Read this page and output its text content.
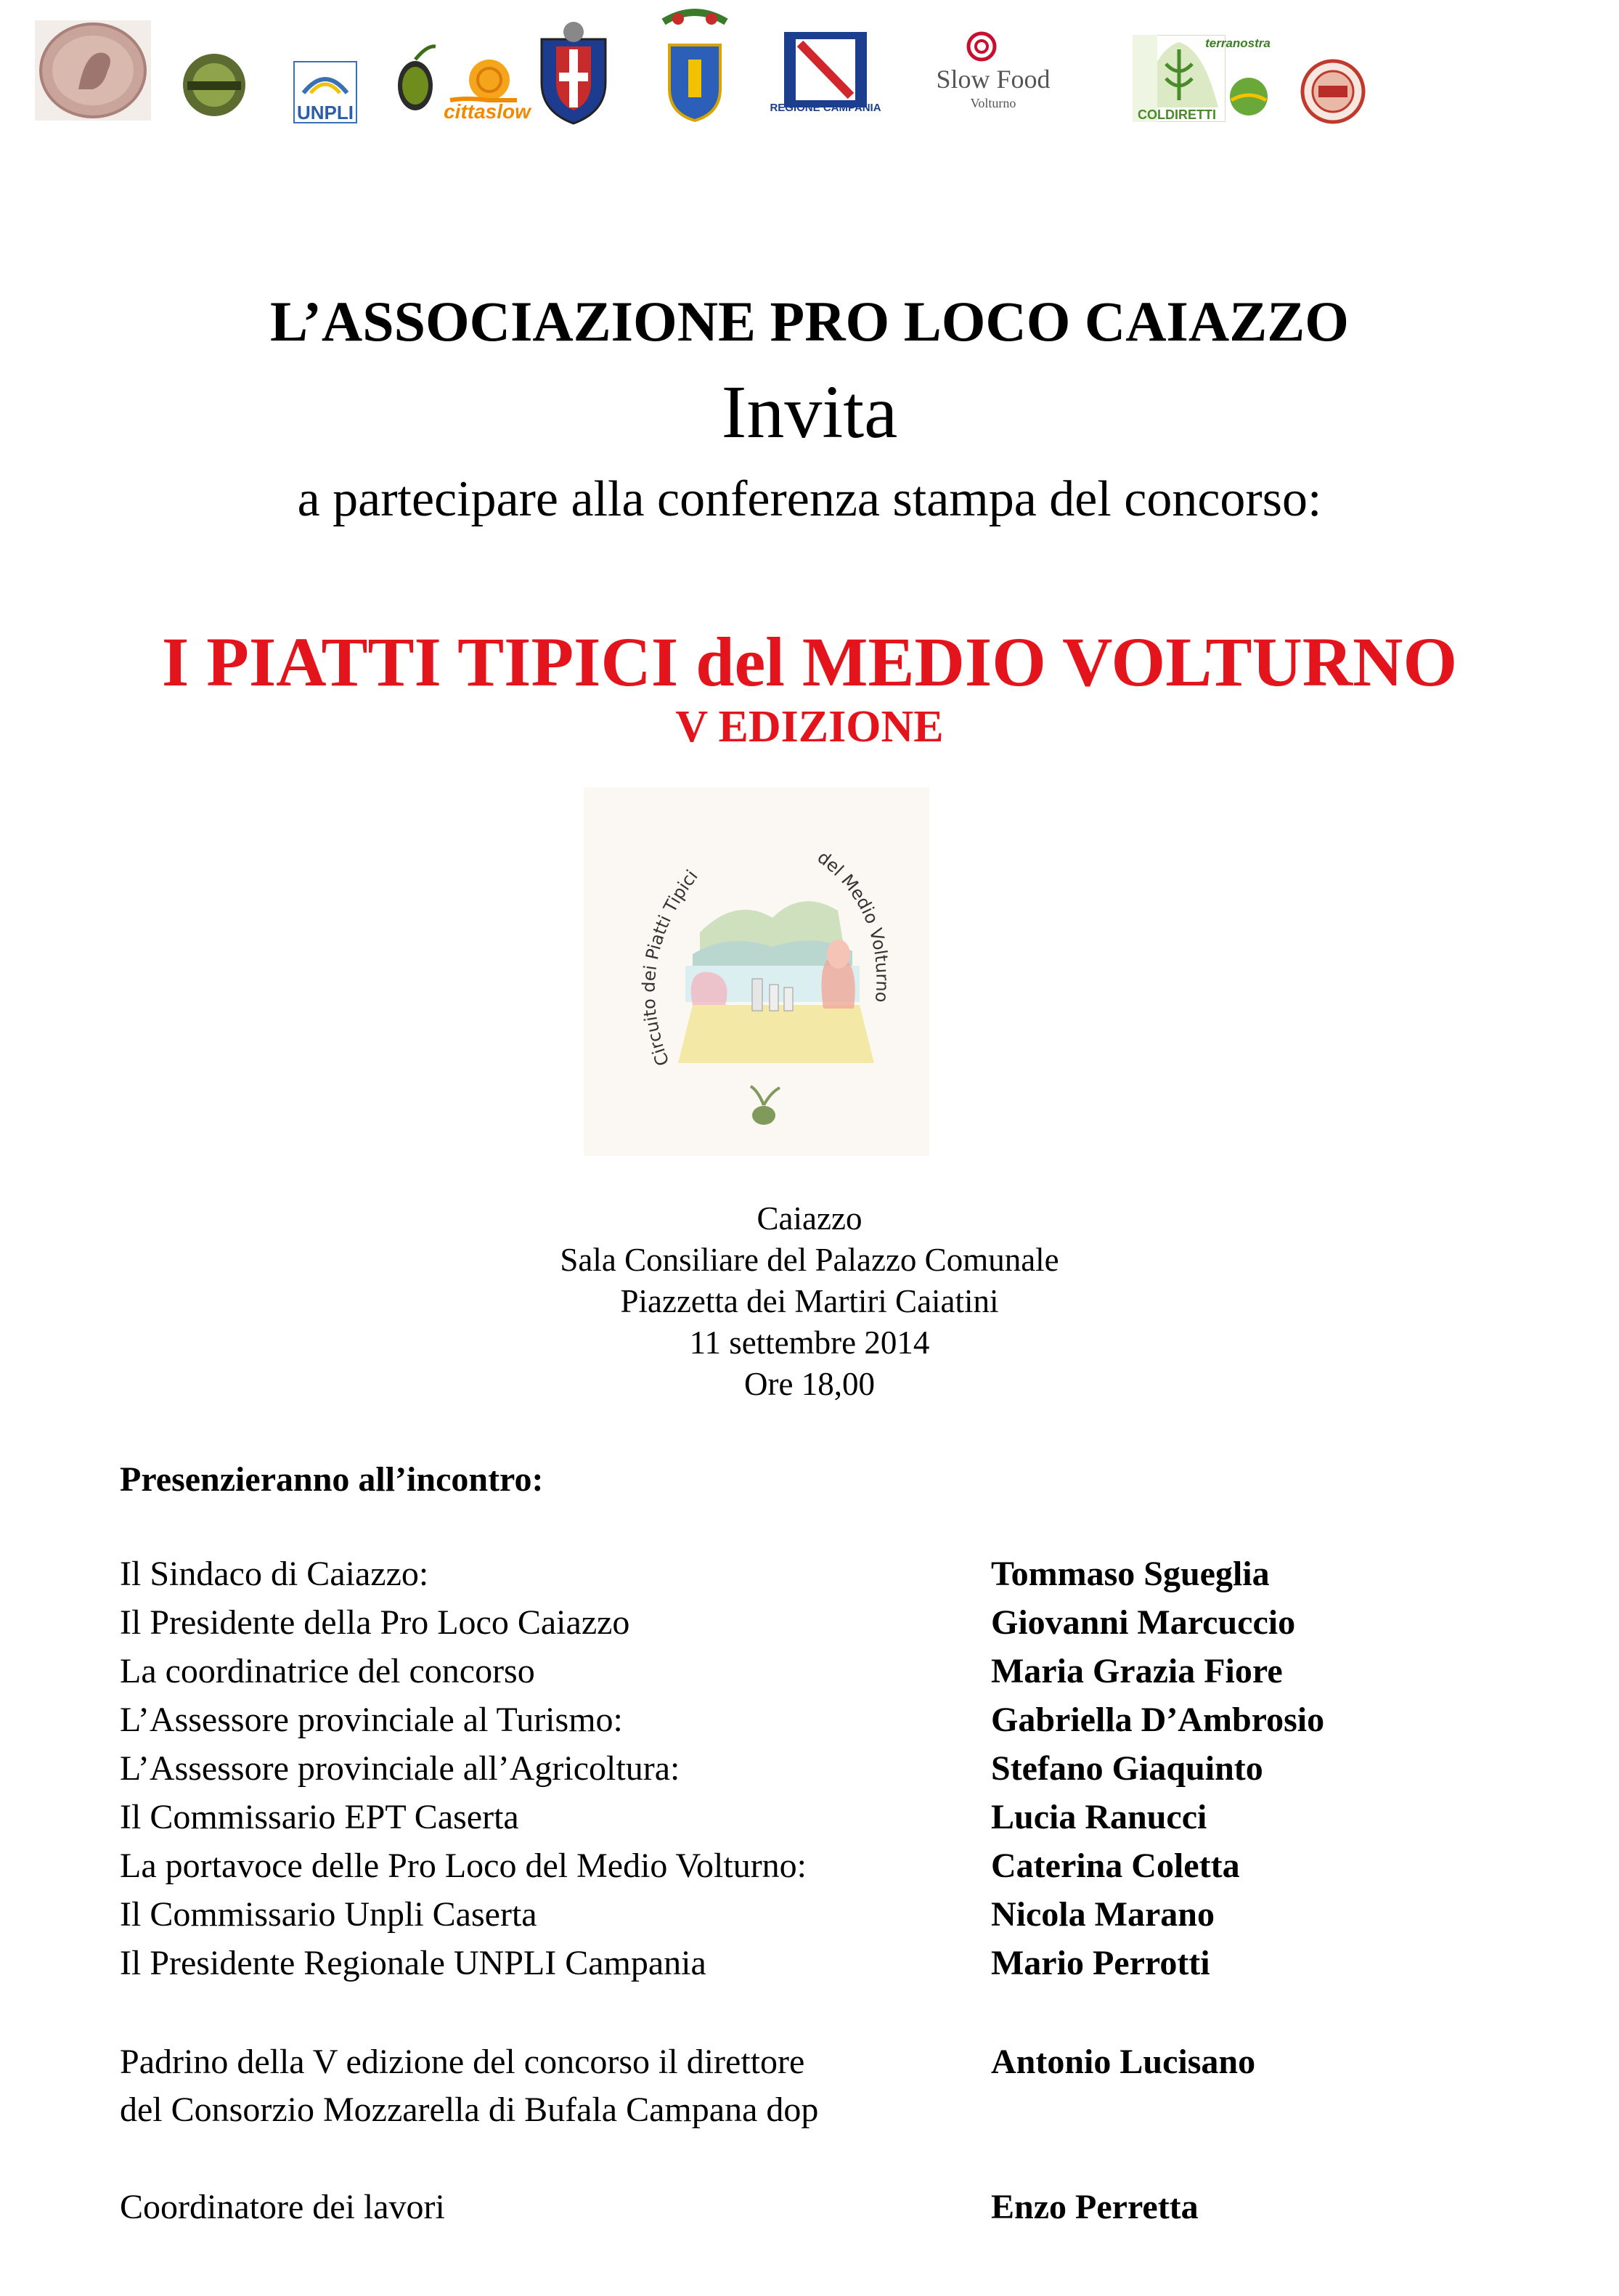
UNPLI	cittaslow	REGIONE CAMPANIA
Slow Food
Volturno
COLDIRETTI
terranostra
L’ASSOCIAZIONE PRO LOCO CAIAZZO
Invita
a partecipare alla conferenza stampa del concorso:
I PIATTI TIPICI del MEDIO VOLTURNO
V EDIZIONE
Circuito dei Piatti Tipici
del Medio Volturno
Caiazzo
Sala Consiliare del Palazzo Comunale
Piazzetta dei Martiri Caiatini
11 settembre 2014
Ore 18,00
Presenzieranno all’incontro:
Il Sindaco di Caiazzo:	Tommaso Sgueglia
Il Presidente della Pro Loco Caiazzo	Giovanni Marcuccio
La coordinatrice del concorso	Maria Grazia Fiore
L’Assessore provinciale al Turismo:	Gabriella D’Ambrosio
L’Assessore provinciale all’Agricoltura:	Stefano Giaquinto
Il Commissario EPT Caserta	Lucia Ranucci
La portavoce delle Pro Loco del Medio Volturno:	Caterina Coletta
Il Commissario Unpli Caserta	Nicola Marano
Il Presidente Regionale UNPLI Campania	Mario Perrotti
Padrino della V edizione del concorso il direttore	Antonio Lucisano
del Consorzio Mozzarella di Bufala Campana dop
Coordinatore dei lavori	Enzo Perretta
